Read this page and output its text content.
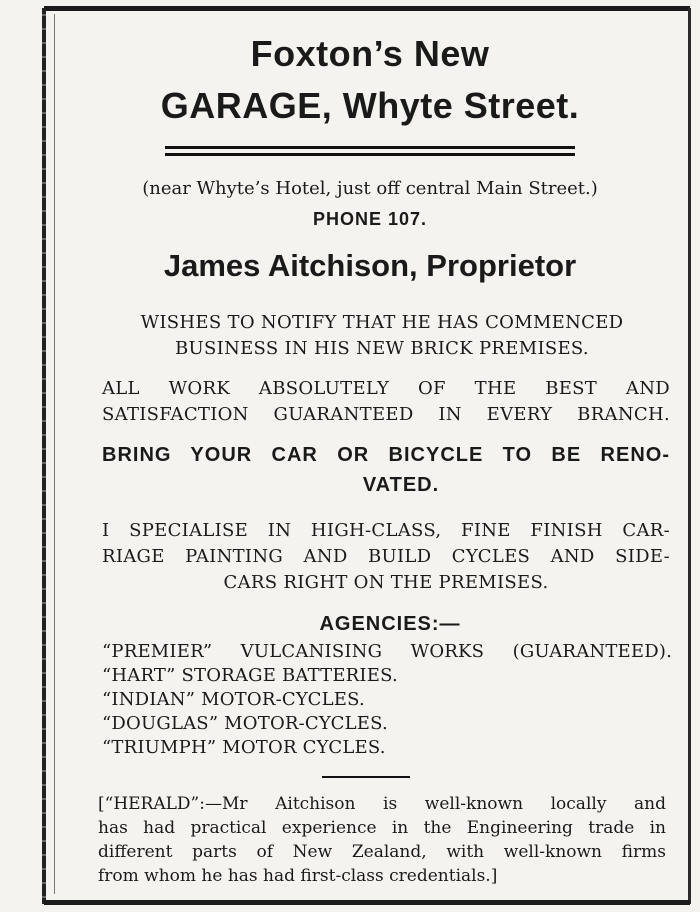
Foxton’s New
GARAGE, Whyte Street.
(near Whyte’s Hotel, just off central Main Street.)
PHONE 107.
James Aitchison, Proprietor
WISHES TO NOTIFY THAT HE HAS COMMENCED
BUSINESS IN HIS NEW BRICK PREMISES.
ALL WORK ABSOLUTELY OF THE BEST AND
SATISFACTION GUARANTEED IN EVERY BRANCH.
BRING YOUR CAR OR BICYCLE TO BE RENO-
VATED.
I SPECIALISE IN HIGH-CLASS, FINE FINISH CAR-
RIAGE PAINTING AND BUILD CYCLES AND SIDE-
CARS RIGHT ON THE PREMISES.
AGENCIES:—
“PREMIER” VULCANISING WORKS (GUARANTEED).
“HART” STORAGE BATTERIES.
“INDIAN” MOTOR-CYCLES.
“DOUGLAS” MOTOR-CYCLES.
“TRIUMPH” MOTOR CYCLES.
[“HERALD”:—Mr Aitchison is well-known locally and
has had practical experience in the Engineering trade in
different parts of New Zealand, with well-known firms
from whom he has had first-class credentials.]
